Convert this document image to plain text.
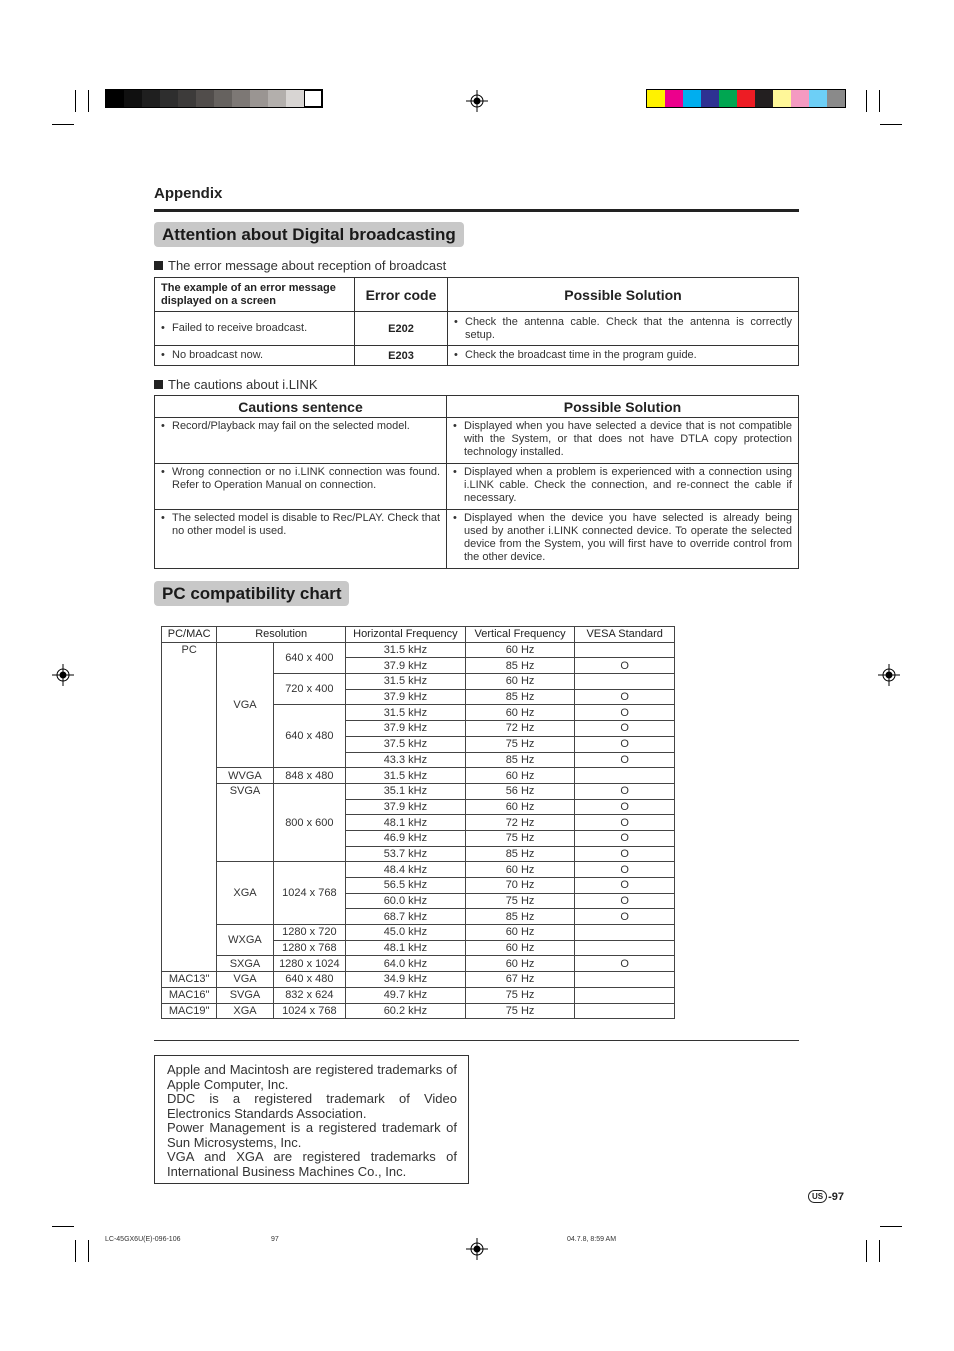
Appendix
Attention about Digital broadcasting
The error message about reception of broadcast
The example of an error message displayed on a screen	Error code	Possible Solution

• Failed to receive broadcast.	E202	• Check the antenna cable. Check that the antenna is correctly setup.

• No broadcast now.	E203	• Check the broadcast time in the program guide.
The cautions about i.LINK
Cautions sentence	Possible Solution

• Record/Playback may fail on the selected model.	• Displayed when you have selected a device that is not compatible with the System, or that does not have DTLA copy protection technology installed.

• Wrong connection or no i.LINK connection was found. Refer to Operation Manual on connection.	• Displayed when a problem is experienced with a connection using i.LINK cable. Check the connection, and re-connect the cable if necessary.

• The selected model is disable to Rec/PLAY. Check that no other model is used.	• Displayed when the device you have selected is already being used by another i.LINK connected device. To operate the selected device from the System, you will first have to override control from the other device.
PC compatibility chart
PC/MAC	Resolution		Horizontal Frequency	Vertical Frequency	VESA Standard
PC	VGA	640 x 400	31.5 kHz	60 Hz	
			37.9 kHz	85 Hz	O
		720 x 400	31.5 kHz	60 Hz	
			37.9 kHz	85 Hz	O
		640 x 480	31.5 kHz	60 Hz	O
			37.9 kHz	72 Hz	O
			37.5 kHz	75 Hz	O
			43.3 kHz	85 Hz	O
	WVGA	848 x 480	31.5 kHz	60 Hz	
	SVGA	800 x 600	35.1 kHz	56 Hz	O
			37.9 kHz	60 Hz	O
			48.1 kHz	72 Hz	O
			46.9 kHz	75 Hz	O
			53.7 kHz	85 Hz	O
	XGA	1024 x 768	48.4 kHz	60 Hz	O
			56.5 kHz	70 Hz	O
			60.0 kHz	75 Hz	O
			68.7 kHz	85 Hz	O
	WXGA	1280 x 720	45.0 kHz	60 Hz	
		1280 x 768	48.1 kHz	60 Hz	
	SXGA	1280 x 1024	64.0 kHz	60 Hz	O
MAC13"	VGA	640 x 480	34.9 kHz	67 Hz	
MAC16"	SVGA	832 x 624	49.7 kHz	75 Hz	
MAC19"	XGA	1024 x 768	60.2 kHz	75 Hz	
Apple and Macintosh are registered trademarks of Apple Computer, Inc.
DDC is a registered trademark of Video Electronics Standards Association.
Power Management is a registered trademark of Sun Microsystems, Inc.
VGA and XGA are registered trademarks of International Business Machines Co., Inc.
US -97
LC-45GX6U(E)-096-106	97	04.7.8, 8:59 AM
